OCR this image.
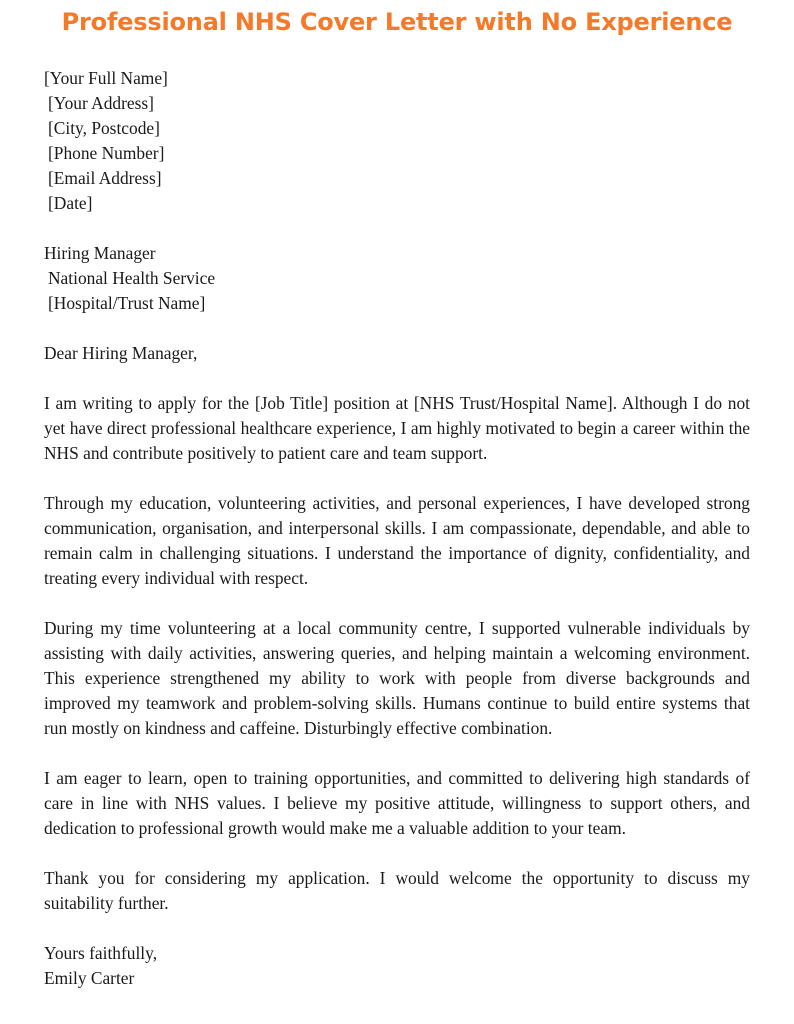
Professional NHS Cover Letter with No Experience
[Your Full Name]
[Your Address]
[City, Postcode]
[Phone Number]
[Email Address]
[Date]
Hiring Manager
National Health Service
[Hospital/Trust Name]

Dear Hiring Manager,

I am writing to apply for the [Job Title] position at [NHS Trust/Hospital Name]. Although I do not yet have direct professional healthcare experience, I am highly motivated to begin a career within the NHS and contribute positively to patient care and team support.

Through my education, volunteering activities, and personal experiences, I have developed strong communication, organisation, and interpersonal skills. I am compassionate, dependable, and able to remain calm in challenging situations. I understand the importance of dignity, confidentiality, and treating every individual with respect.

During my time volunteering at a local community centre, I supported vulnerable individuals by assisting with daily activities, answering queries, and helping maintain a welcoming environment. This experience strengthened my ability to work with people from diverse backgrounds and improved my teamwork and problem-solving skills. Humans continue to build entire systems that run mostly on kindness and caffeine. Disturbingly effective combination.

I am eager to learn, open to training opportunities, and committed to delivering high standards of care in line with NHS values. I believe my positive attitude, willingness to support others, and dedication to professional growth would make me a valuable addition to your team.

Thank you for considering my application. I would welcome the opportunity to discuss my suitability further.

Yours faithfully,
Emily Carter
